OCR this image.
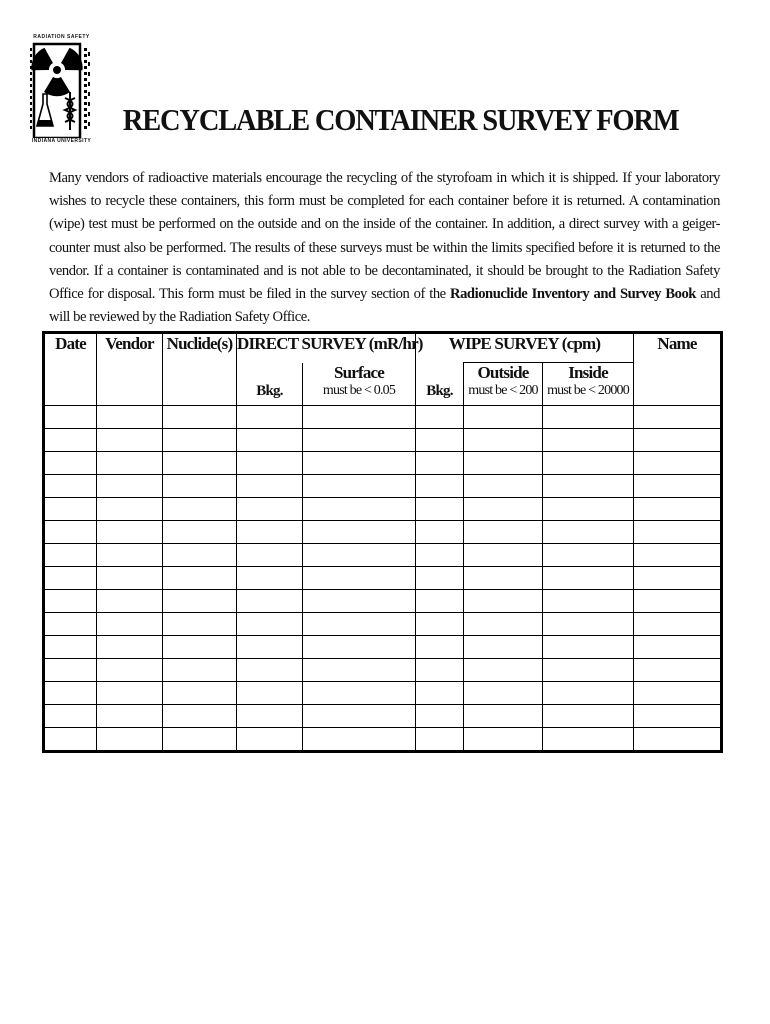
RADIATION SAFETY
INDIANA UNIVERSITY
RECYCLABLE CONTAINER SURVEY FORM
Many vendors of radioactive materials encourage the recycling of the styrofoam in which it is shipped. If your laboratory wishes to recycle these containers, this form must be completed for each container before it is returned. A contamination (wipe) test must be performed on the outside and on the inside of the container. In addition, a direct survey with a geiger- counter must also be performed. The results of these surveys must be within the limits specified before it is returned to the vendor. If a container is contaminated and is not able to be decontaminated, it should be brought to the Radiation Safety Office for disposal. This form must be filed in the survey section of the Radionuclide Inventory and Survey Book and will be reviewed by the Radiation Safety Office.
Date	Vendor	Nuclide(s)	DIRECT SURVEY (mR/hr)		WIPE SURVEY (cpm)			Name
				Surface		Outside	Inside	
			Bkg.	must be < 0.05	Bkg.	must be < 200	must be < 20000	
